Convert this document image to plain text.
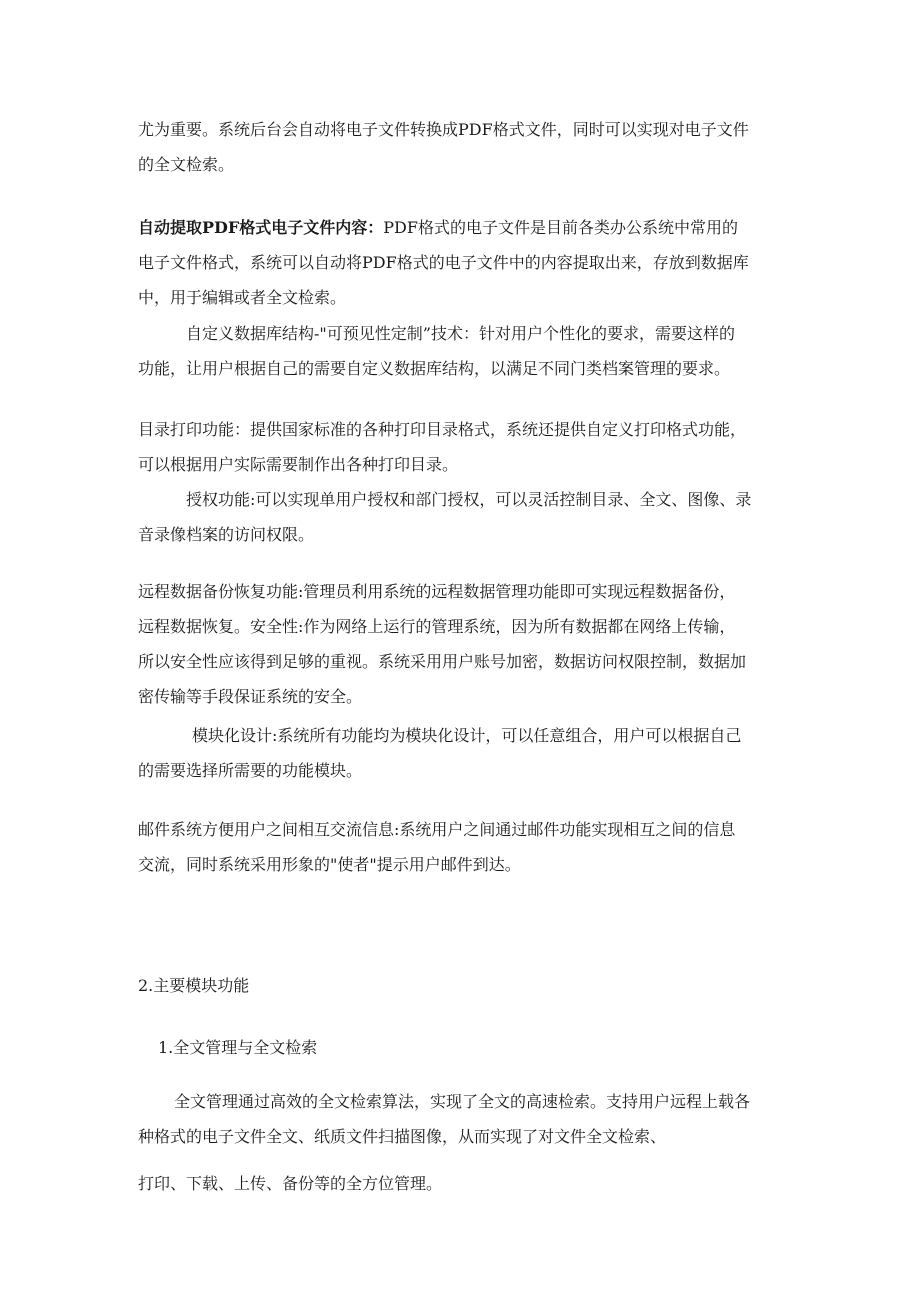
尤为重要。系统后台会自动将电子文件转换成PDF格式文件，同时可以实现对电子文件
的全文检索。
自动提取PDF格式电子文件内容：PDF格式的电子文件是目前各类办公系统中常用的
电子文件格式，系统可以自动将PDF格式的电子文件中的内容提取出来，存放到数据库
中，用于编辑或者全文检索。
自定义数据库结构-"可预见性定制”技术：针对用户个性化的要求，需要这样的
功能，让用户根据自己的需要自定义数据库结构，以满足不同门类档案管理的要求。
目录打印功能：提供国家标准的各种打印目录格式，系统还提供自定义打印格式功能，
可以根据用户实际需要制作出各种打印目录。
授权功能:可以实现单用户授权和部门授权，可以灵活控制目录、全文、图像、录
音录像档案的访问权限。
远程数据备份恢复功能:管理员利用系统的远程数据管理功能即可实现远程数据备份，
远程数据恢复。安全性:作为网络上运行的管理系统，因为所有数据都在网络上传输，
所以安全性应该得到足够的重视。系统采用用户账号加密，数据访问权限控制，数据加
密传输等手段保证系统的安全。
模块化设计:系统所有功能均为模块化设计，可以任意组合，用户可以根据自己
的需要选择所需要的功能模块。
邮件系统方便用户之间相互交流信息:系统用户之间通过邮件功能实现相互之间的信息
交流，同时系统采用形象的"使者"提示用户邮件到达。
2.主要模块功能
1.全文管理与全文检索
全文管理通过高效的全文检索算法，实现了全文的高速检索。支持用户远程上载各
种格式的电子文件全文、纸质文件扫描图像，从而实现了对文件全文检索、
打印、下载、上传、备份等的全方位管理。
